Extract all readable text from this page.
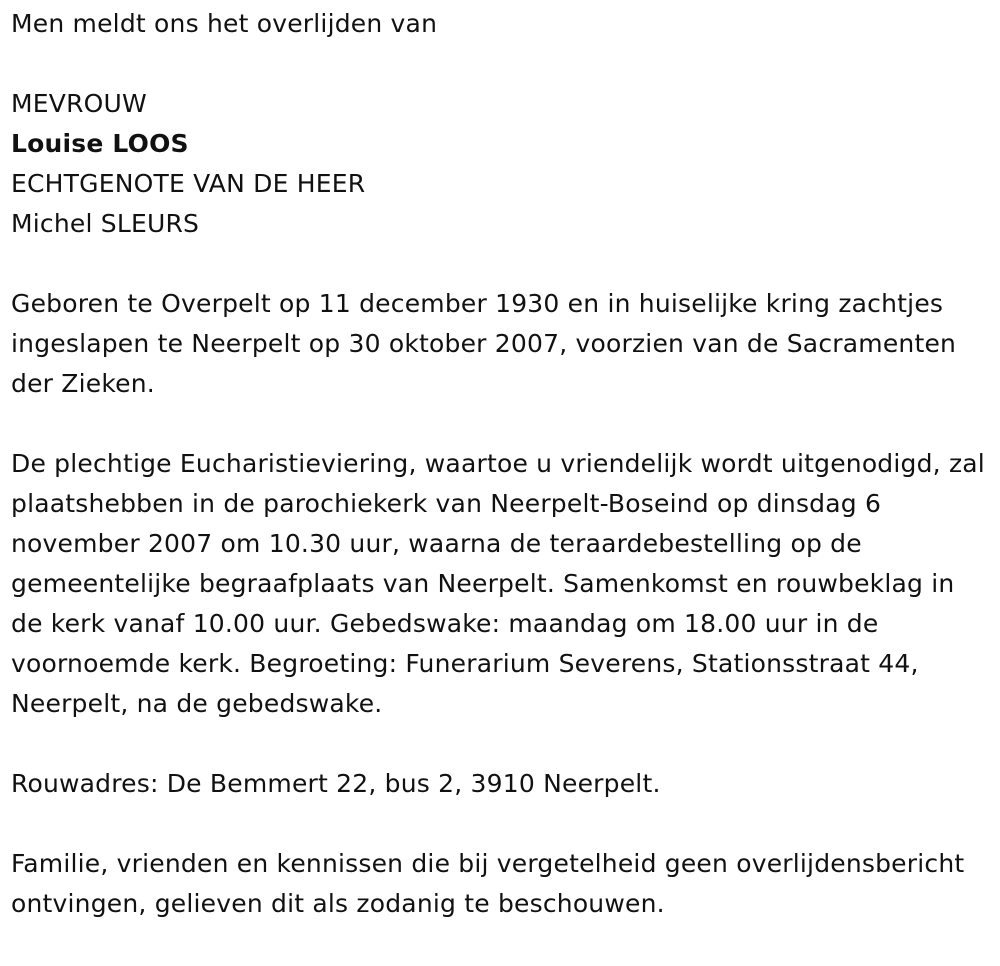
Men meldt ons het overlijden van

MEVROUW

Louise LOOS

ECHTGENOTE VAN DE HEER

Michel SLEURS

Geboren te Overpelt op 11 december 1930 en in huiselijke kring zachtjes ingeslapen te Neerpelt op 30 oktober 2007, voorzien van de Sacramenten der Zieken.

De plechtige Eucharistieviering, waartoe u vriendelijk wordt uitgenodigd, zal plaatshebben in de parochiekerk van Neerpelt-Boseind op dinsdag 6 november 2007 om 10.30 uur, waarna de teraardebestelling op de gemeentelijke begraafplaats van Neerpelt. Samenkomst en rouwbeklag in de kerk vanaf 10.00 uur. Gebedswake: maandag om 18.00 uur in de voornoemde kerk. Begroeting: Funerarium Severens, Stationsstraat 44, Neerpelt, na de gebedswake.

Rouwadres: De Bemmert 22, bus 2, 3910 Neerpelt.

Familie, vrienden en kennissen die bij vergetelheid geen overlijdensbericht ontvingen, gelieven dit als zodanig te beschouwen.
